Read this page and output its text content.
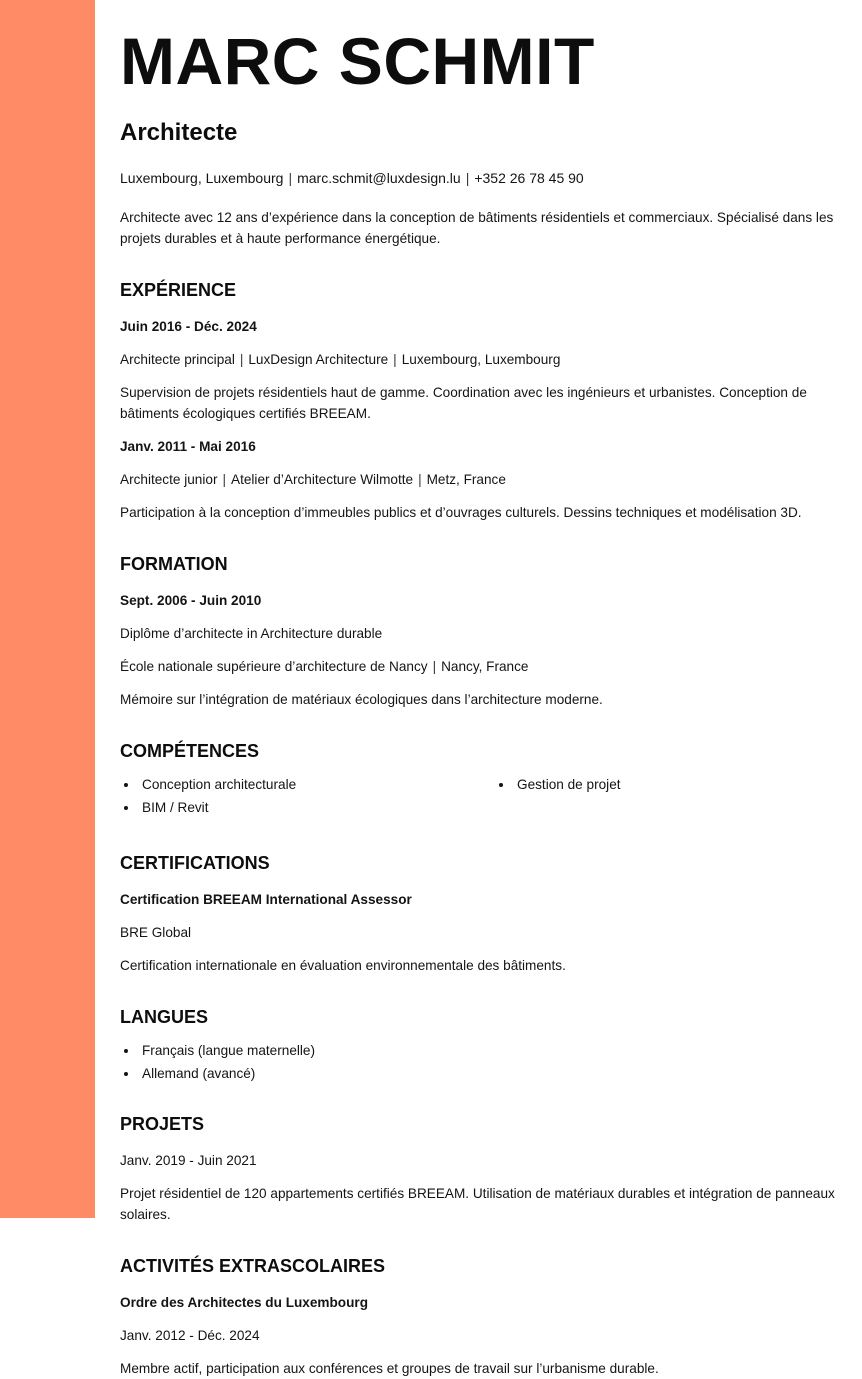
MARC SCHMIT
Architecte

Luxembourg, Luxembourg | marc.schmit@luxdesign.lu | +352 26 78 45 90

Architecte avec 12 ans d’expérience dans la conception de bâtiments résidentiels et commerciaux. Spécialisé dans les projets durables et à haute performance énergétique.

EXPÉRIENCE

Juin 2016 - Déc. 2024

Architecte principal | LuxDesign Architecture | Luxembourg, Luxembourg

Supervision de projets résidentiels haut de gamme. Coordination avec les ingénieurs et urbanistes. Conception de bâtiments écologiques certifiés BREEAM.

Janv. 2011 - Mai 2016

Architecte junior | Atelier d’Architecture Wilmotte | Metz, France

Participation à la conception d’immeubles publics et d’ouvrages culturels. Dessins techniques et modélisation 3D.

FORMATION

Sept. 2006 - Juin 2010

Diplôme d’architecte in Architecture durable

École nationale supérieure d’architecture de Nancy | Nancy, France

Mémoire sur l’intégration de matériaux écologiques dans l’architecture moderne.

COMPÉTENCES
• Conception architecturale
• BIM / Revit
• Gestion de projet
CERTIFICATIONS

Certification BREEAM International Assessor

BRE Global

Certification internationale en évaluation environnementale des bâtiments.

LANGUES
• Français (langue maternelle)
• Allemand (avancé)
PROJETS

Janv. 2019 - Juin 2021

Projet résidentiel de 120 appartements certifiés BREEAM. Utilisation de matériaux durables et intégration de panneaux solaires.

ACTIVITÉS EXTRASCOLAIRES

Ordre des Architectes du Luxembourg

Janv. 2012 - Déc. 2024

Membre actif, participation aux conférences et groupes de travail sur l’urbanisme durable.
